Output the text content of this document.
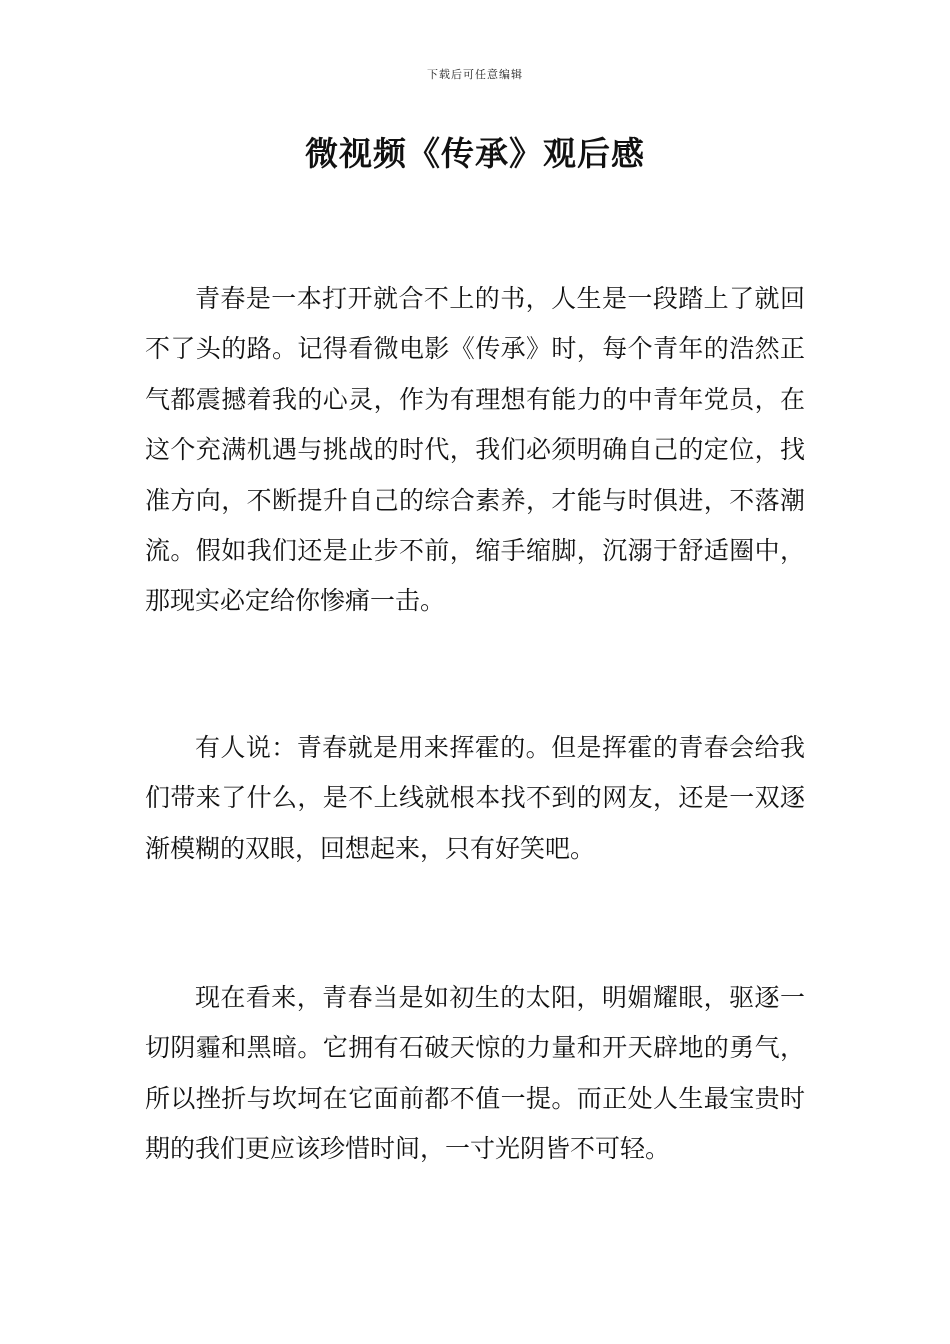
下载后可任意编辑
微视频《传承》观后感

青春是一本打开就合不上的书，人生是一段踏上了就回不了头的路。记得看微电影《传承》时，每个青年的浩然正气都震撼着我的心灵，作为有理想有能力的中青年党员，在这个充满机遇与挑战的时代，我们必须明确自己的定位，找准方向，不断提升自己的综合素养，才能与时俱进，不落潮流。假如我们还是止步不前，缩手缩脚，沉溺于舒适圈中，那现实必定给你惨痛一击。

有人说：青春就是用来挥霍的。但是挥霍的青春会给我们带来了什么，是不上线就根本找不到的网友，还是一双逐渐模糊的双眼，回想起来，只有好笑吧。

现在看来，青春当是如初生的太阳，明媚耀眼，驱逐一切阴霾和黑暗。它拥有石破天惊的力量和开天辟地的勇气，所以挫折与坎坷在它面前都不值一提。而正处人生最宝贵时期的我们更应该珍惜时间，一寸光阴皆不可轻。
